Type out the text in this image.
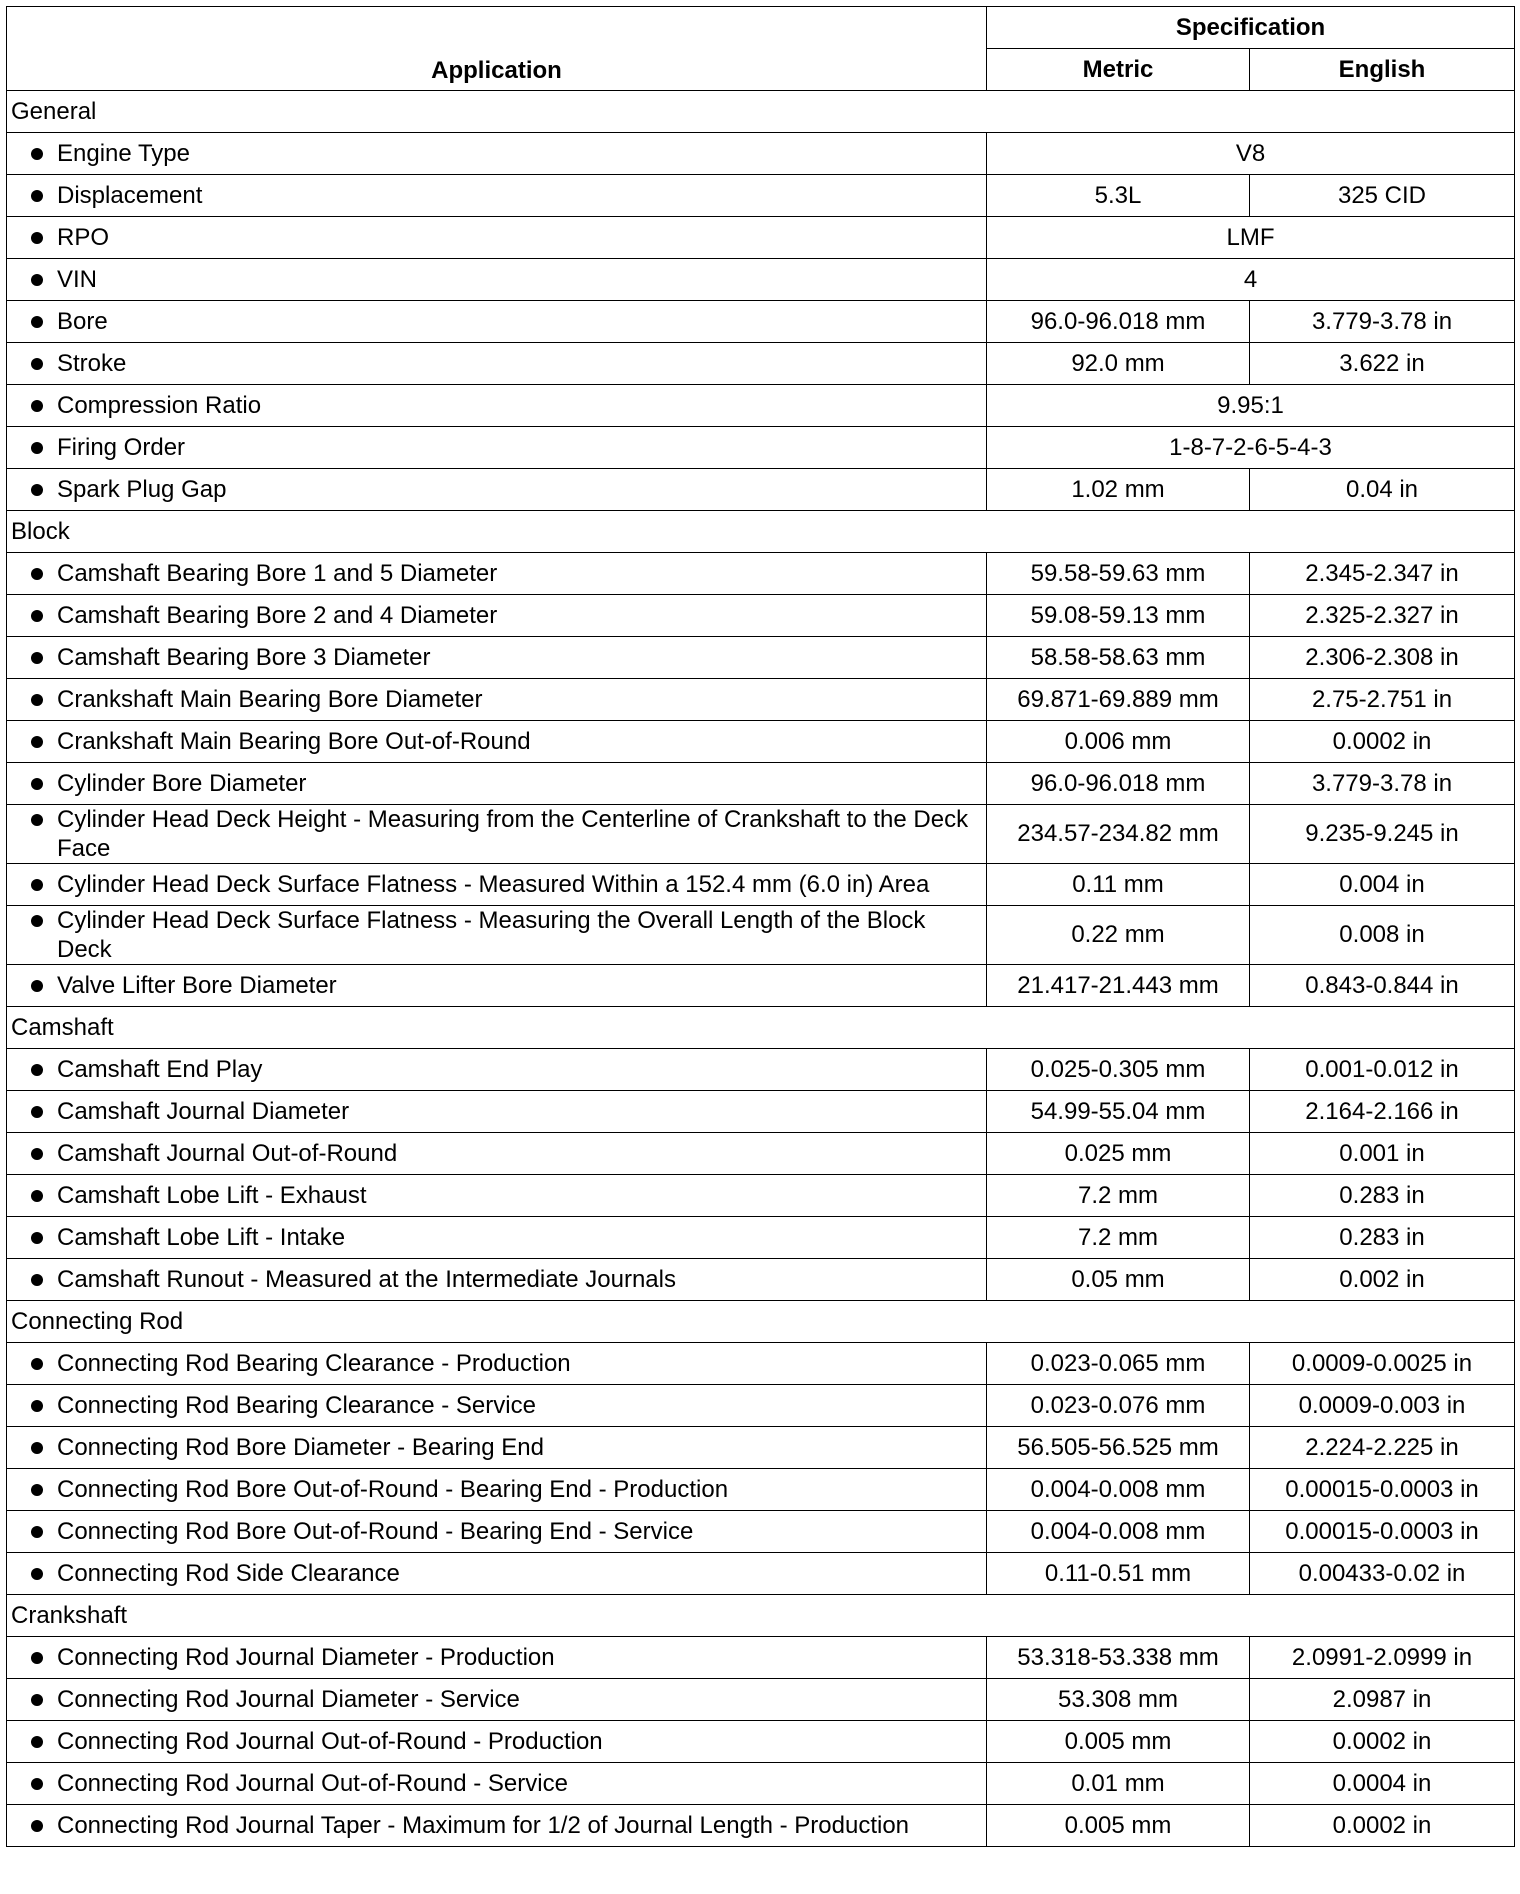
Application	Specification	
	Metric	English
General		

Engine Type	V8	

Displacement	5.3L	325 CID

RPO	LMF	

VIN	4	

Bore	96.0-96.018 mm	3.779-3.78 in

Stroke	92.0 mm	3.622 in

Compression Ratio	9.95:1	

Firing Order	1-8-7-2-6-5-4-3	

Spark Plug Gap	1.02 mm	0.04 in
Block		

Camshaft Bearing Bore 1 and 5 Diameter	59.58-59.63 mm	2.345-2.347 in

Camshaft Bearing Bore 2 and 4 Diameter	59.08-59.13 mm	2.325-2.327 in

Camshaft Bearing Bore 3 Diameter	58.58-58.63 mm	2.306-2.308 in

Crankshaft Main Bearing Bore Diameter	69.871-69.889 mm	2.75-2.751 in

Crankshaft Main Bearing Bore Out-of-Round	0.006 mm	0.0002 in

Cylinder Bore Diameter	96.0-96.018 mm	3.779-3.78 in

Cylinder Head Deck Height - Measuring from the Centerline of Crankshaft to the Deck Face	234.57-234.82 mm	9.235-9.245 in

Cylinder Head Deck Surface Flatness - Measured Within a 152.4 mm (6.0 in) Area	0.11 mm	0.004 in

Cylinder Head Deck Surface Flatness - Measuring the Overall Length of the Block Deck	0.22 mm	0.008 in

Valve Lifter Bore Diameter	21.417-21.443 mm	0.843-0.844 in
Camshaft		

Camshaft End Play	0.025-0.305 mm	0.001-0.012 in

Camshaft Journal Diameter	54.99-55.04 mm	2.164-2.166 in

Camshaft Journal Out-of-Round	0.025 mm	0.001 in

Camshaft Lobe Lift - Exhaust	7.2 mm	0.283 in

Camshaft Lobe Lift - Intake	7.2 mm	0.283 in

Camshaft Runout - Measured at the Intermediate Journals	0.05 mm	0.002 in
Connecting Rod		

Connecting Rod Bearing Clearance - Production	0.023-0.065 mm	0.0009-0.0025 in

Connecting Rod Bearing Clearance - Service	0.023-0.076 mm	0.0009-0.003 in

Connecting Rod Bore Diameter - Bearing End	56.505-56.525 mm	2.224-2.225 in

Connecting Rod Bore Out-of-Round - Bearing End - Production	0.004-0.008 mm	0.00015-0.0003 in

Connecting Rod Bore Out-of-Round - Bearing End - Service	0.004-0.008 mm	0.00015-0.0003 in

Connecting Rod Side Clearance	0.11-0.51 mm	0.00433-0.02 in
Crankshaft		

Connecting Rod Journal Diameter - Production	53.318-53.338 mm	2.0991-2.0999 in

Connecting Rod Journal Diameter - Service	53.308 mm	2.0987 in

Connecting Rod Journal Out-of-Round - Production	0.005 mm	0.0002 in

Connecting Rod Journal Out-of-Round - Service	0.01 mm	0.0004 in

Connecting Rod Journal Taper - Maximum for 1/2 of Journal Length - Production	0.005 mm	0.0002 in
